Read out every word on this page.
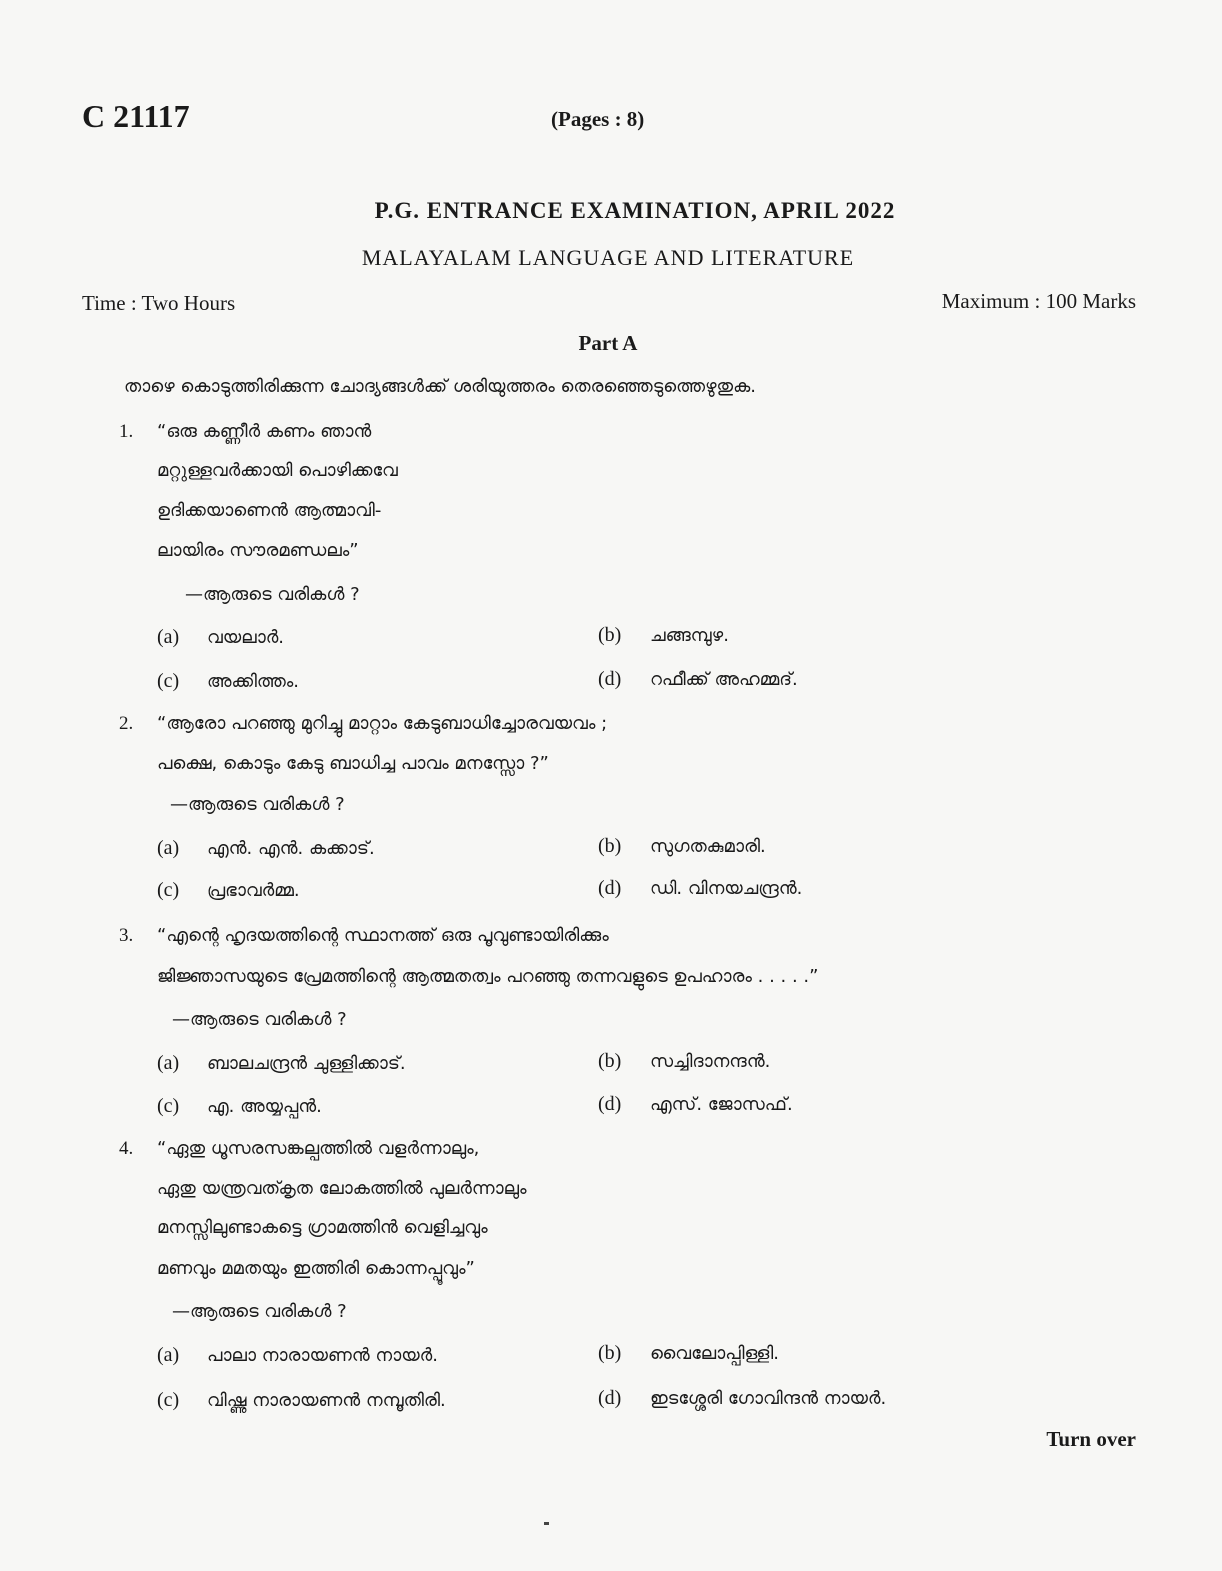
C 21117	(Pages : 8)
P.G. ENTRANCE EXAMINATION, APRIL 2022
MALAYALAM LANGUAGE AND LITERATURE
Time : Two Hours	Maximum : 100 Marks
Part A
താഴെ കൊടുത്തിരിക്കുന്ന ചോദ്യങ്ങൾക്ക് ശരിയുത്തരം തെരഞ്ഞെടുത്തെഴുതുക.
1. “ഒരു കണ്ണീർ കണം ഞാൻ
മറ്റുള്ളവർക്കായി പൊഴിക്കവേ
ഉദിക്കയാണെൻ ആത്മാവി-
ലായിരം സൗരമണ്ഡലം”
—ആരുടെ വരികൾ ?
(a) വയലാർ.	(b) ചങ്ങമ്പുഴ.
(c) അക്കിത്തം.	(d) റഫീക്ക് അഹമ്മദ്.
2. “ആരോ പറഞ്ഞു മുറിച്ചു മാറ്റാം കേടുബാധിച്ചോരവയവം ;
പക്ഷെ, കൊടും കേടു ബാധിച്ച പാവം മനസ്സോ ?”
—ആരുടെ വരികൾ ?
(a) എൻ. എൻ. കക്കാട്.	(b) സുഗതകുമാരി.
(c) പ്രഭാവർമ്മ.	(d) ഡി. വിനയചന്ദ്രൻ.
3. “എന്റെ ഹൃദയത്തിന്റെ സ്ഥാനത്ത് ഒരു പൂവുണ്ടായിരിക്കും
ജിജ്ഞാസയുടെ പ്രേമത്തിന്റെ ആത്മതത്വം പറഞ്ഞു തന്നവളുടെ ഉപഹാരം . . . . .”
—ആരുടെ വരികൾ ?
(a) ബാലചന്ദ്രൻ ചുള്ളിക്കാട്.	(b) സച്ചിദാനന്ദൻ.
(c) എ. അയ്യപ്പൻ.	(d) എസ്. ജോസഫ്.
4. “ഏതു ധൂസരസങ്കല്പത്തിൽ വളർന്നാലും,
ഏതു യന്ത്രവത്കൃത ലോകത്തിൽ പുലർന്നാലും
മനസ്സിലുണ്ടാകട്ടെ ഗ്രാമത്തിൻ വെളിച്ചവും
മണവും മമതയും ഇത്തിരി കൊന്നപ്പൂവും”
—ആരുടെ വരികൾ ?
(a) പാലാ നാരായണൻ നായർ.	(b) വൈലോപ്പിള്ളി.
(c) വിഷ്ണു നാരായണൻ നമ്പൂതിരി.	(d) ഇടശ്ശേരി ഗോവിന്ദൻ നായർ.
Turn over
